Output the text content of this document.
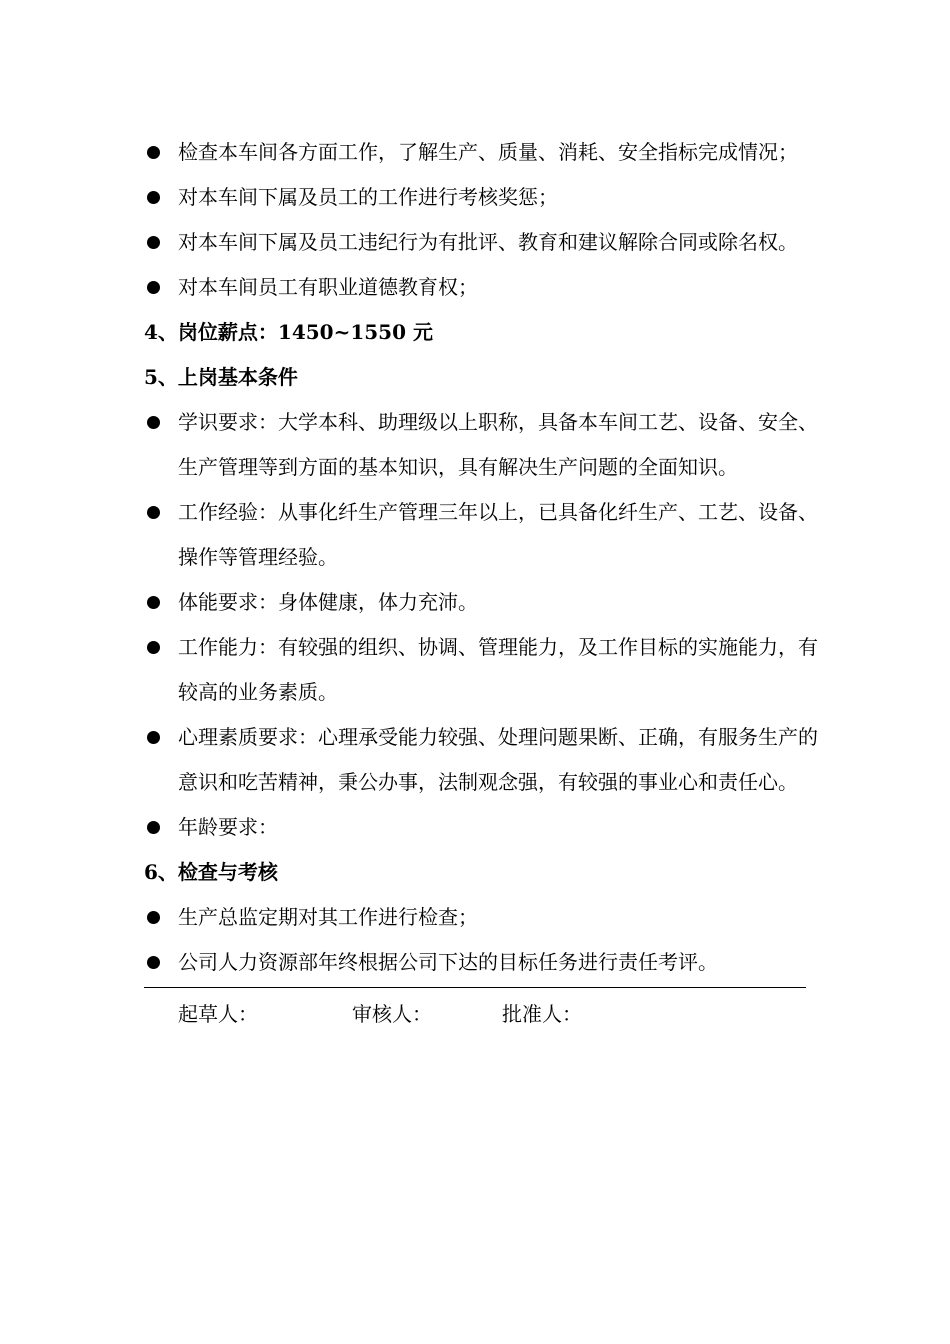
检查本车间各方面工作，了解生产、质量、消耗、安全指标完成情况；
对本车间下属及员工的工作进行考核奖惩；
对本车间下属及员工违纪行为有批评、教育和建议解除合同或除名权。
对本车间员工有职业道德教育权；
4、岗位薪点：1450~1550 元
5、上岗基本条件
学识要求：大学本科、助理级以上职称，具备本车间工艺、设备、安全、生产管理等到方面的基本知识，具有解决生产问题的全面知识。
工作经验：从事化纤生产管理三年以上，已具备化纤生产、工艺、设备、操作等管理经验。
体能要求：身体健康，体力充沛。
工作能力：有较强的组织、协调、管理能力，及工作目标的实施能力，有较高的业务素质。
心理素质要求：心理承受能力较强、处理问题果断、正确，有服务生产的意识和吃苦精神，秉公办事，法制观念强，有较强的事业心和责任心。
年龄要求：
6、检查与考核
生产总监定期对其工作进行检查；
公司人力资源部年终根据公司下达的目标任务进行责任考评。
起草人：	审核人：	批准人：
